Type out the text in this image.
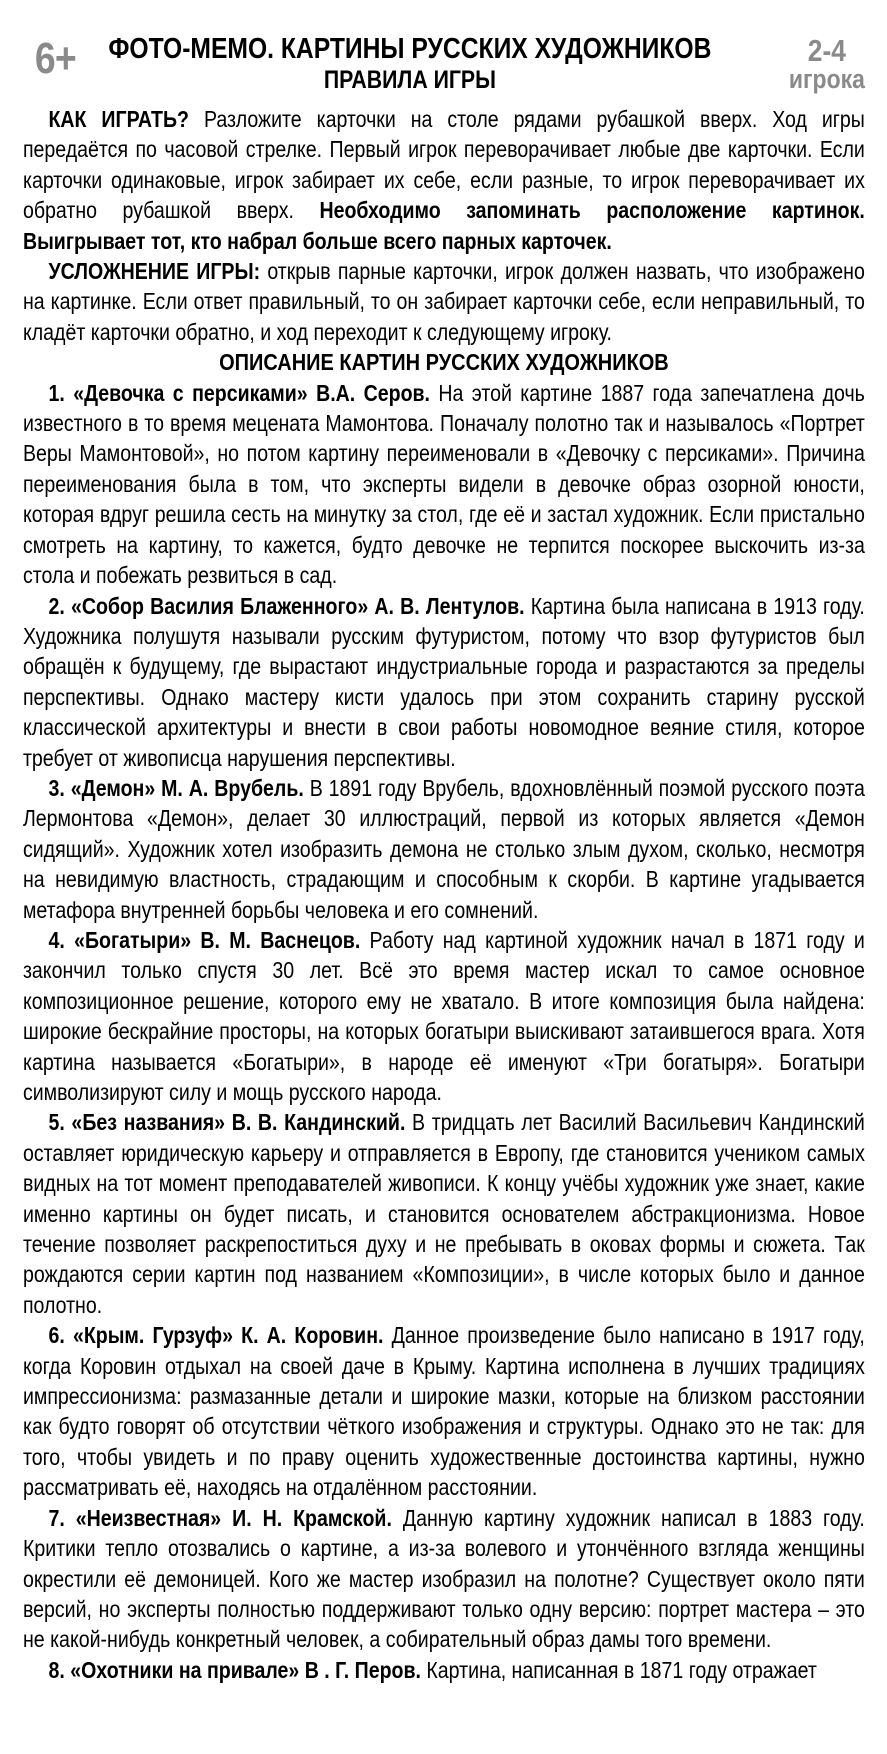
6+	2-4
игрока
ФОТО-МЕМО. КАРТИНЫ РУССКИХ ХУДОЖНИКОВ
ПРАВИЛА ИГРЫ

КАК ИГРАТЬ? Разложите карточки на столе рядами рубашкой вверх. Ход игры передаётся по часовой стрелке. Первый игрок переворачивает любые две карточки. Если карточки одинаковые, игрок забирает их себе, если разные, то игрок переворачивает их обратно рубашкой вверх. Необходимо запоминать расположение картинок. Выигрывает тот, кто набрал больше всего парных карточек.

УСЛОЖНЕНИЕ ИГРЫ: открыв парные карточки, игрок должен назвать, что изображено на картинке. Если ответ правильный, то он забирает карточки себе, если неправильный, то кладёт карточки обратно, и ход переходит к следующему игроку.

ОПИСАНИЕ КАРТИН РУССКИХ ХУДОЖНИКОВ

1. «Девочка с персиками» В.А. Серов. На этой картине 1887 года запечатлена дочь известного в то время мецената Мамонтова. Поначалу полотно так и называлось «Портрет Веры Мамонтовой», но потом картину переименовали в «Девочку с персиками». Причина переименования была в том, что эксперты видели в девочке образ озорной юности, которая вдруг решила сесть на минутку за стол, где её и застал художник. Если пристально смотреть на картину, то кажется, будто девочке не терпится поскорее выскочить из-за стола и побежать резвиться в сад.

2. «Собор Василия Блаженного» А. В. Лентулов. Картина была написана в 1913 году. Художника полушутя называли русским футуристом, потому что взор футуристов был обращён к будущему, где вырастают индустриальные города и разрастаются за пределы перспективы. Однако мастеру кисти удалось при этом сохранить старину русской классической архитектуры и внести в свои работы новомодное веяние стиля, которое требует от живописца нарушения перспективы.

3. «Демон» М. А. Врубель. В 1891 году Врубель, вдохновлённый поэмой русского поэта Лермонтова «Демон», делает 30 иллюстраций, первой из которых является «Демон сидящий». Художник хотел изобразить демона не столько злым духом, сколько, несмотря на невидимую властность, страдающим и способным к скорби. В картине угадывается метафора внутренней борьбы человека и его сомнений.

4. «Богатыри» В. М. Васнецов. Работу над картиной художник начал в 1871 году и закончил только спустя 30 лет. Всё это время мастер искал то самое основное композиционное решение, которого ему не хватало. В итоге композиция была найдена: широкие бескрайние просторы, на которых богатыри выискивают затаившегося врага. Хотя картина называется «Богатыри», в народе её именуют «Три богатыря». Богатыри символизируют силу и мощь русского народа.

5. «Без названия» В. В. Кандинский. В тридцать лет Василий Васильевич Кандинский оставляет юридическую карьеру и отправляется в Европу, где становится учеником самых видных на тот момент преподавателей живописи. К концу учёбы художник уже знает, какие именно картины он будет писать, и становится основателем абстракционизма. Новое течение позволяет раскрепоститься духу и не пребывать в оковах формы и сюжета. Так рождаются серии картин под названием «Композиции», в числе которых было и данное полотно.

6. «Крым. Гурзуф» К. А. Коровин. Данное произведение было написано в 1917 году, когда Коровин отдыхал на своей даче в Крыму. Картина исполнена в лучших традициях импрессионизма: размазанные детали и широкие мазки, которые на близком расстоянии как будто говорят об отсутствии чёткого изображения и структуры. Однако это не так: для того, чтобы увидеть и по праву оценить художественные достоинства картины, нужно рассматривать её, находясь на отдалённом расстоянии.

7. «Неизвестная» И. Н. Крамской. Данную картину художник написал в 1883 году. Критики тепло отозвались о картине, а из-за волевого и утончённого взгляда женщины окрестили её демоницей. Кого же мастер изобразил на полотне? Существует около пяти версий, но эксперты полностью поддерживают только одну версию: портрет мастера – это не какой-нибудь конкретный человек, а собирательный образ дамы того времени.

8. «Охотники на привале» В . Г. Перов. Картина, написанная в 1871 году отражает
